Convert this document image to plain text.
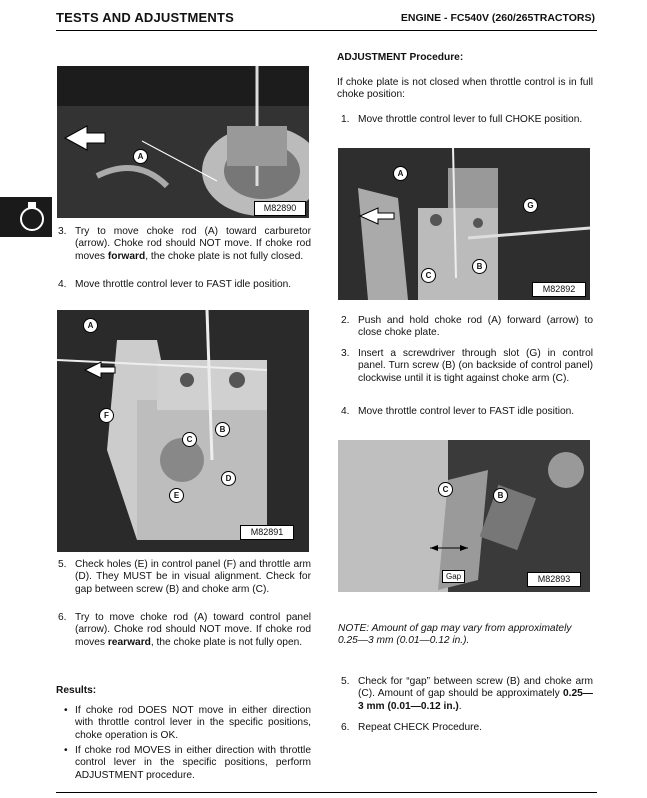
TESTS AND ADJUSTMENTS	ENGINE - FC540V (260/265TRACTORS)
A
M82890
3. Try to move choke rod (A) toward carburetor (arrow). Choke rod should NOT move. If choke rod moves forward, the choke plate is not fully closed.
4. Move throttle control lever to FAST idle position.
A
F
C
B
D
E
M82891
5. Check holes (E) in control panel (F) and throttle arm (D). They MUST be in visual alignment. Check for gap between screw (B) and choke arm (C).
6. Try to move choke rod (A) toward control panel (arrow). Choke rod should NOT move. If choke rod moves rearward, the choke plate is not fully open.
Results:
• If choke rod DOES NOT move in either direction with throttle control lever in the specific positions, choke operation is OK.
• If choke rod MOVES in either direction with throttle control lever in the specific positions, perform ADJUSTMENT procedure.
ADJUSTMENT Procedure:
If choke plate is not closed when throttle control is in full choke position:
1. Move throttle control lever to full CHOKE position.
A
G
C
B
M82892
2. Push and hold choke rod (A) forward (arrow) to close choke plate.
3. Insert a screwdriver through slot (G) in control panel. Turn screw (B) (on backside of control panel) clockwise until it is tight against choke arm (C).
4. Move throttle control lever to FAST idle position.
C
B
Gap	M82893
NOTE: Amount of gap may vary from approximately 0.25—3 mm (0.01—0.12 in.).
5. Check for “gap” between screw (B) and choke arm (C). Amount of gap should be approximately 0.25—3 mm (0.01—0.12 in.).
6. Repeat CHECK Procedure.
